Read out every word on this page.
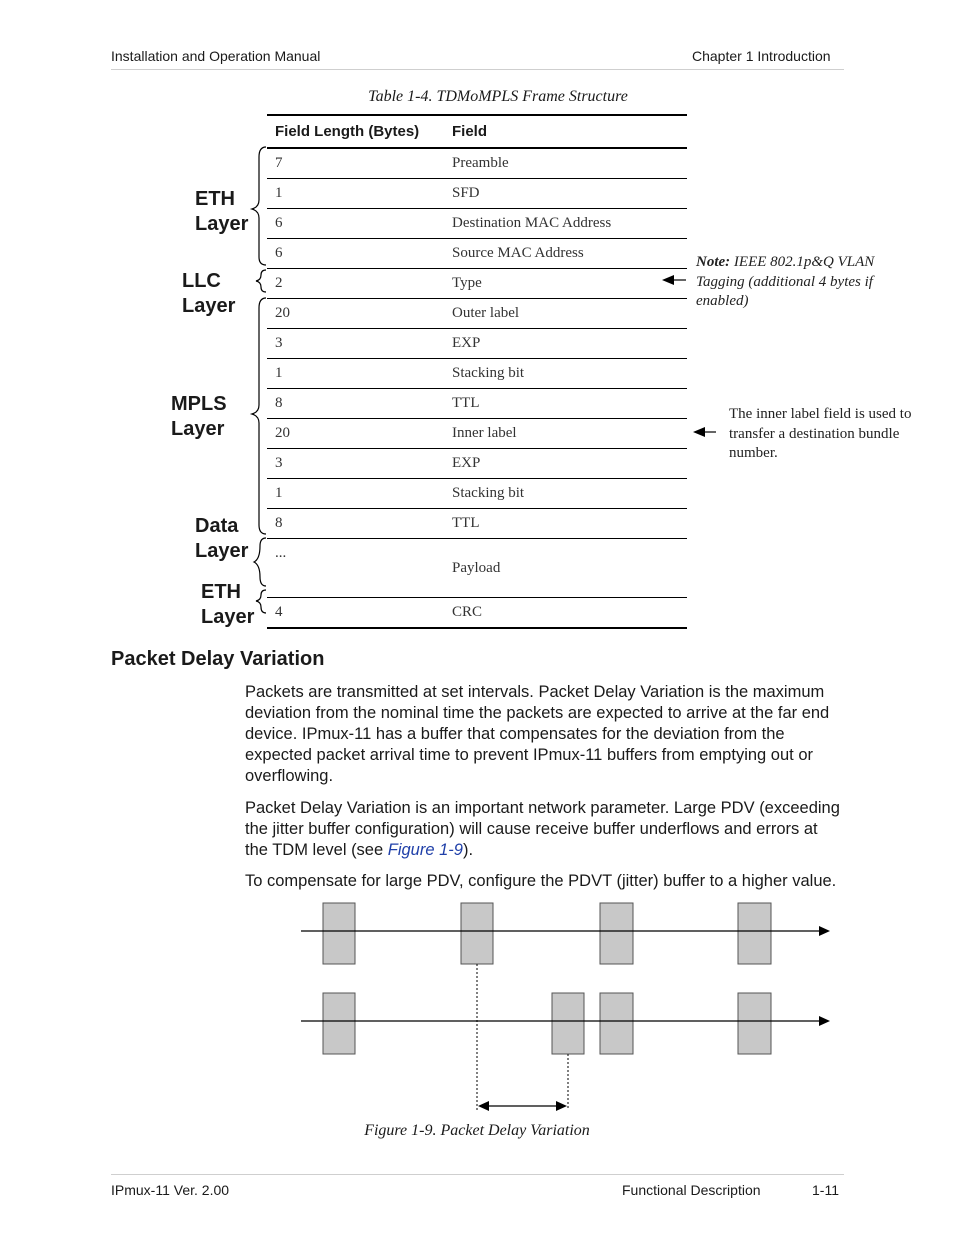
Installation and Operation Manual	Chapter 1 Introduction
Table 1-4. TDMoMPLS Frame Structure
Field Length (Bytes)	Field
7	Preamble
1	SFD
6	Destination MAC Address
6	Source MAC Address
2	Type
20	Outer label
3	EXP
1	Stacking bit
8	TTL
20	Inner label
3	EXP
1	Stacking bit
8	TTL
...	Payload
4	CRC
ETH
Layer
LLC
Layer
MPLS
Layer
Data
Layer
ETH
Layer
Note: IEEE 802.1p&Q VLAN Tagging (additional 4 bytes if enabled)
The inner label field is used to transfer a destination bundle number.
Packet Delay Variation

Packets are transmitted at set intervals. Packet Delay Variation is the maximum deviation from the nominal time the packets are expected to arrive at the far end device. IPmux-11 has a buffer that compensates for the deviation from the expected packet arrival time to prevent IPmux-11 buffers from emptying out or overflowing.

Packet Delay Variation is an important network parameter. Large PDV (exceeding the jitter buffer configuration) will cause receive buffer underflows and errors at the TDM level (see Figure 1-9).

To compensate for large PDV, configure the PDVT (jitter) buffer to a higher value.

Figure 1-9. Packet Delay Variation
IPmux-11 Ver. 2.00	Functional Description	1-11
